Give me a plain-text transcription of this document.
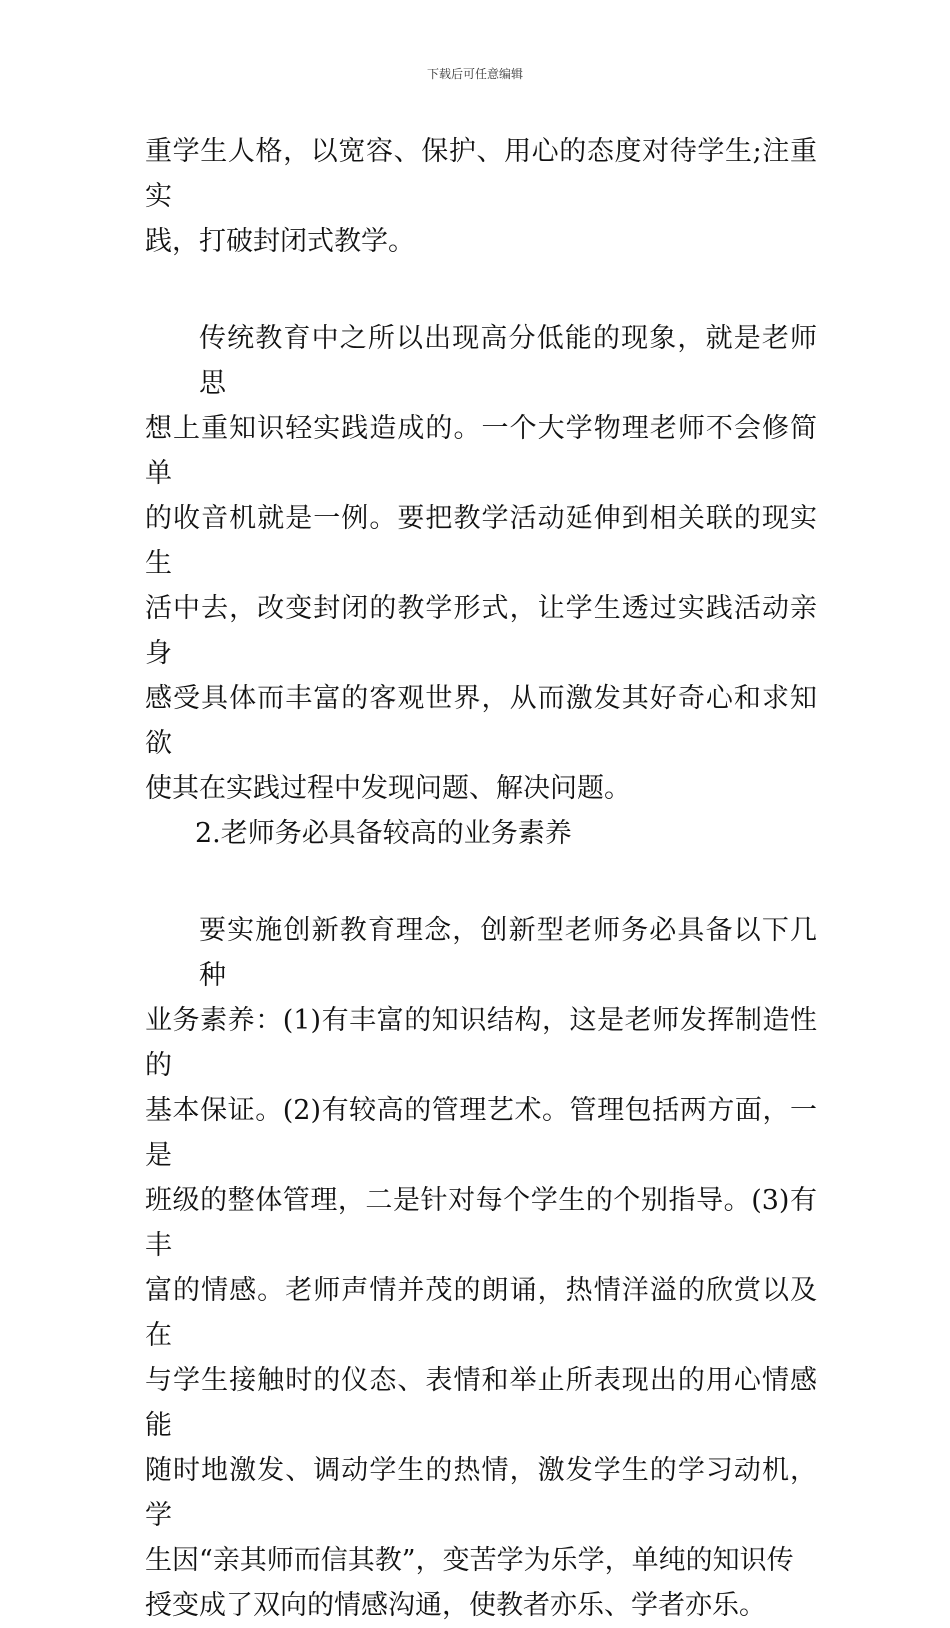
下载后可任意编辑
重学生人格，以宽容、保护、用心的态度对待学生;注重实
践，打破封闭式教学。
传统教育中之所以出现高分低能的现象，就是老师思
想上重知识轻实践造成的。一个大学物理老师不会修简单
的收音机就是一例。要把教学活动延伸到相关联的现实生
活中去，改变封闭的教学形式，让学生透过实践活动亲身
感受具体而丰富的客观世界，从而激发其好奇心和求知欲
使其在实践过程中发现问题、解决问题。
2.老师务必具备较高的业务素养
要实施创新教育理念，创新型老师务必具备以下几种
业务素养：(1)有丰富的知识结构，这是老师发挥制造性的
基本保证。(2)有较高的管理艺术。管理包括两方面，一是
班级的整体管理，二是针对每个学生的个别指导。(3)有丰
富的情感。老师声情并茂的朗诵，热情洋溢的欣赏以及在
与学生接触时的仪态、表情和举止所表现出的用心情感能
随时地激发、调动学生的热情，激发学生的学习动机，学
生因“亲其师而信其教”，变苦学为乐学，单纯的知识传
授变成了双向的情感沟通，使教者亦乐、学者亦乐。
